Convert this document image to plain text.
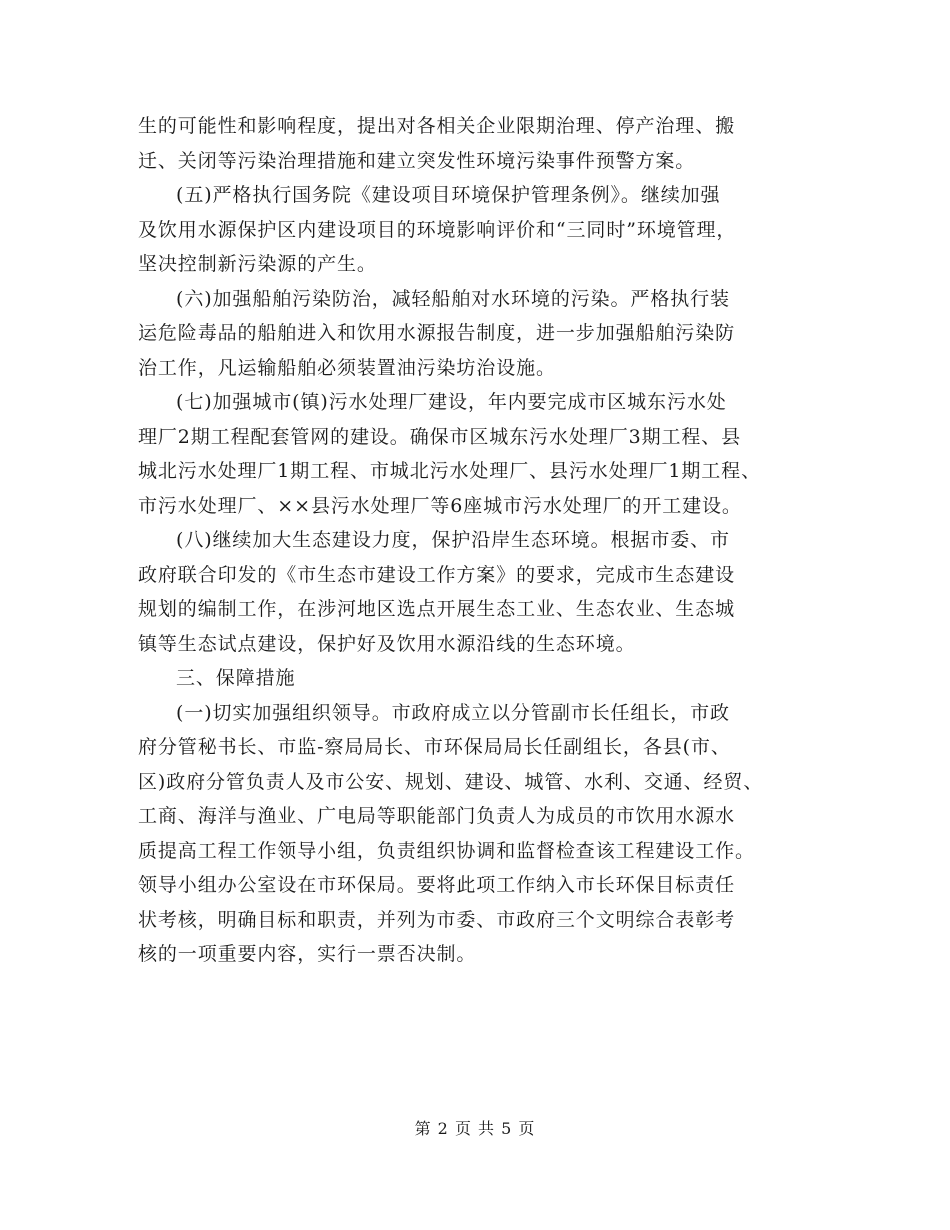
生的可能性和影响程度，提出对各相关企业限期治理、停产治理、搬
迁、关闭等污染治理措施和建立突发性环境污染事件预警方案。
(五)严格执行国务院《建设项目环境保护管理条例》。继续加强
及饮用水源保护区内建设项目的环境影响评价和“三同时”环境管理，
坚决控制新污染源的产生。
(六)加强船舶污染防治，减轻船舶对水环境的污染。严格执行装
运危险毒品的船舶进入和饮用水源报告制度，进一步加强船舶污染防
治工作，凡运输船舶必须装置油污染坊治设施。
(七)加强城市(镇)污水处理厂建设，年内要完成市区城东污水处
理厂2期工程配套管网的建设。确保市区城东污水处理厂3期工程、县
城北污水处理厂1期工程、市城北污水处理厂、县污水处理厂1期工程、
市污水处理厂、××县污水处理厂等6座城市污水处理厂的开工建设。
(八)继续加大生态建设力度，保护沿岸生态环境。根据市委、市
政府联合印发的《市生态市建设工作方案》的要求，完成市生态建设
规划的编制工作，在涉河地区选点开展生态工业、生态农业、生态城
镇等生态试点建设，保护好及饮用水源沿线的生态环境。
三、保障措施
(一)切实加强组织领导。市政府成立以分管副市长任组长，市政
府分管秘书长、市监-察局局长、市环保局局长任副组长，各县(市、
区)政府分管负责人及市公安、规划、建设、城管、水利、交通、经贸、
工商、海洋与渔业、广电局等职能部门负责人为成员的市饮用水源水
质提高工程工作领导小组，负责组织协调和监督检查该工程建设工作。
领导小组办公室设在市环保局。要将此项工作纳入市长环保目标责任
状考核，明确目标和职责，并列为市委、市政府三个文明综合表彰考
核的一项重要内容，实行一票否决制。
第 2 页 共 5 页
